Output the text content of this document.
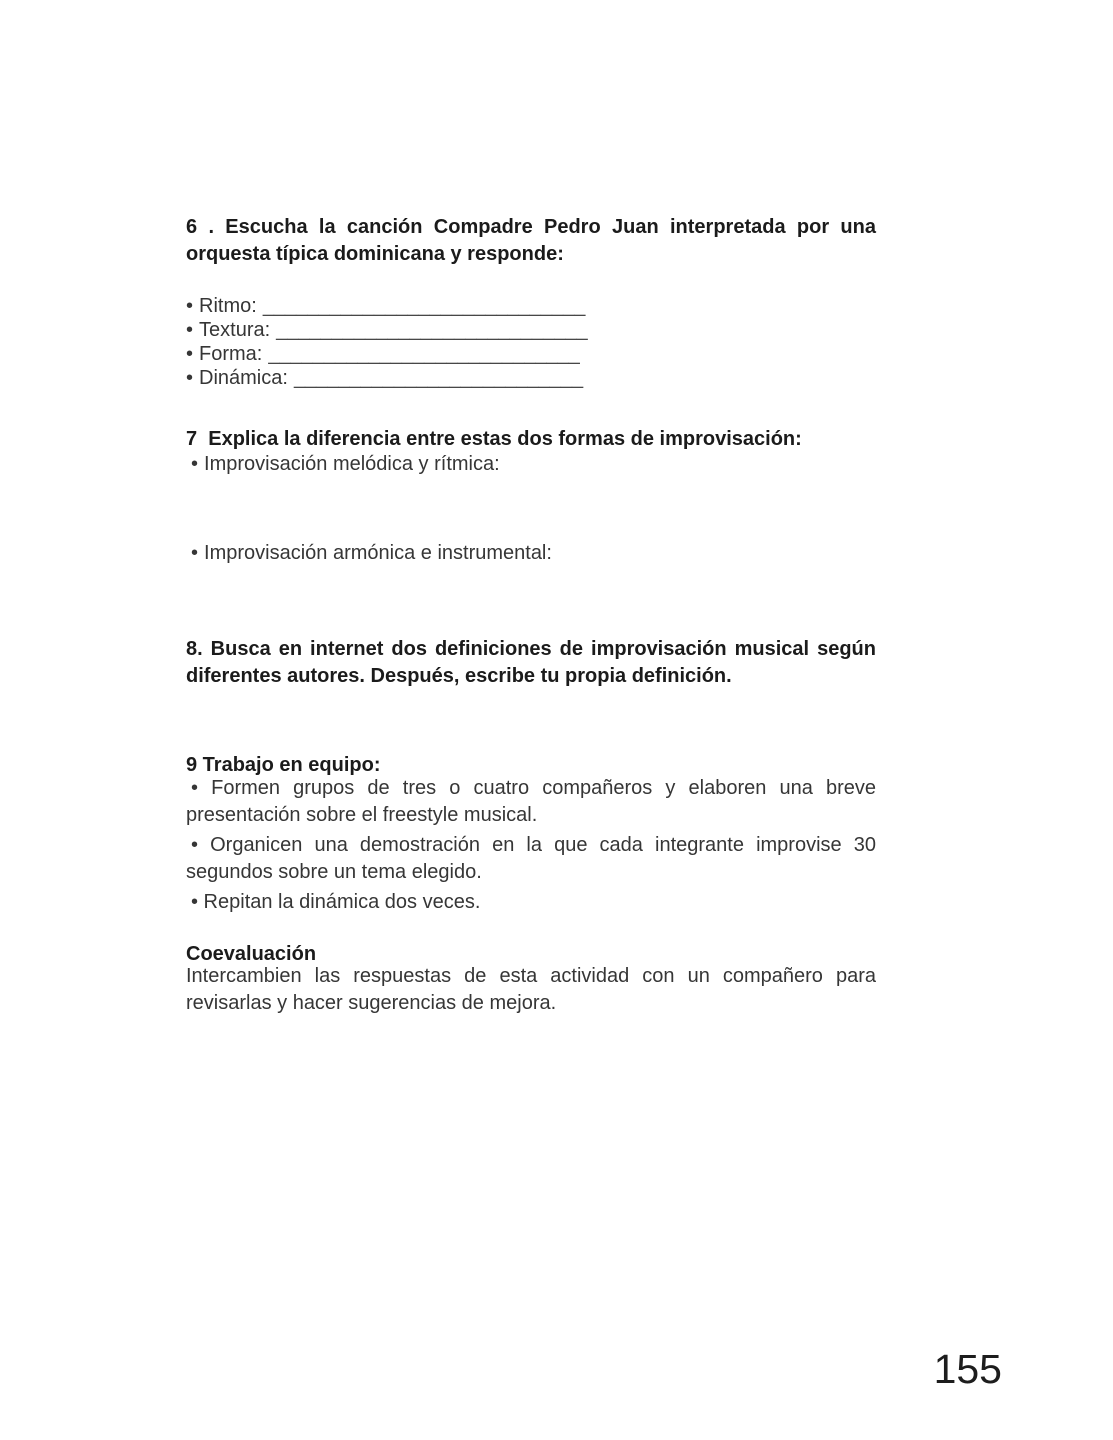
6 . Escucha la canción Compadre Pedro Juan interpretada por una
orquesta típica dominicana y responde:
• Ritmo: _____________________________
• Textura: ____________________________
• Forma: ____________________________
• Dinámica: __________________________
7  Explica la diferencia entre estas dos formas de improvisación:
• Improvisación melódica y rítmica:
• Improvisación armónica e instrumental:
8. Busca en internet dos definiciones de improvisación musical según
diferentes autores. Después, escribe tu propia definición.
9 Trabajo en equipo:
• Formen grupos de tres o cuatro compañeros y elaboren una breve
presentación sobre el freestyle musical.
• Organicen una demostración en la que cada integrante improvise 30
segundos sobre un tema elegido.
• Repitan la dinámica dos veces.
Coevaluación
Intercambien las respuestas de esta actividad con un compañero para
revisarlas y hacer sugerencias de mejora.
155
